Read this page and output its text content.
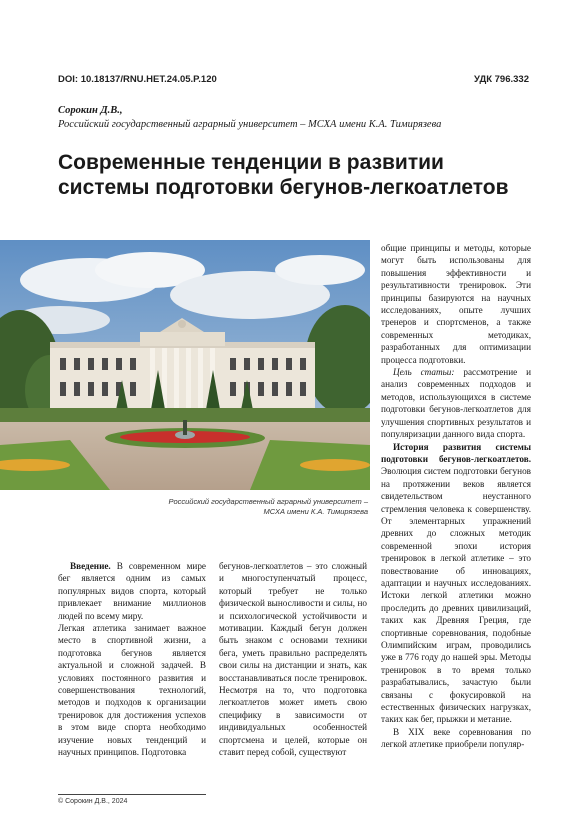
DOI: 10.18137/RNU.HET.24.05.P.120	УДК 796.332
Сорокин Д.В.,
Российский государственный аграрный университет – МСХА имени К.А. Тимирязева
Современные тенденции в развитии
системы подготовки бегунов-легкоатлетов
Российский государственный аграрный университет –
МСХА имени К.А. Тимирязева

Введение. В современном мире бег является одним из самых популярных видов спорта, который привлекает внимание миллионов людей по всему миру.

Легкая атлетика занимает важное место в спортивной жизни, а подготовка бегунов является актуальной и сложной задачей. В условиях постоянного развития и совершенствования технологий, методов и подходов к организации тренировок для достижения успехов в этом виде спорта необходимо изучение новых тенденций и научных принципов. Подготовка

бегунов-легкоатлетов – это сложный и многоступенчатый процесс, который требует не только физической выносливости и силы, но и психологической устойчивости и мотивации. Каждый бегун должен быть знаком с основами техники бега, уметь правильно распределять свои силы на дистанции и знать, как восстанавливаться после тренировок. Несмотря на то, что подготовка легкоатлетов может иметь свою специфику в зависимости от индивидуальных особенностей спортсмена и целей, которые он ставит перед собой, существуют

общие принципы и методы, которые могут быть использованы для повышения эффективности и результативности тренировок. Эти принципы базируются на научных исследованиях, опыте лучших тренеров и спортсменов, а также современных методиках, разработанных для оптимизации процесса подготовки.

Цель статьи: рассмотрение и анализ современных подходов и методов, использующихся в системе подготовки бегунов-легкоатлетов для улучшения спортивных результатов и популяризации данного вида спорта.

История развития системы подготовки бегунов-легкоатлетов. Эволюция систем подготовки бегунов на протяжении веков является свидетельством неустанного стремления человека к совершенству. От элементарных упражнений древних до сложных методик современной эпохи история тренировок в легкой атлетике – это повествование об инновациях, адаптации и научных исследованиях. Истоки легкой атлетики можно проследить до древних цивилизаций, таких как Древняя Греция, где спортивные соревнования, подобные Олимпийским играм, проводились уже в 776 году до нашей эры. Методы тренировок в то время только разрабатывались, зачастую были связаны с фокусировкой на естественных физических нагрузках, таких как бег, прыжки и метание.

В XIX веке соревнования по легкой атлетике приобрели популяр-

© Сорокин Д.В., 2024
